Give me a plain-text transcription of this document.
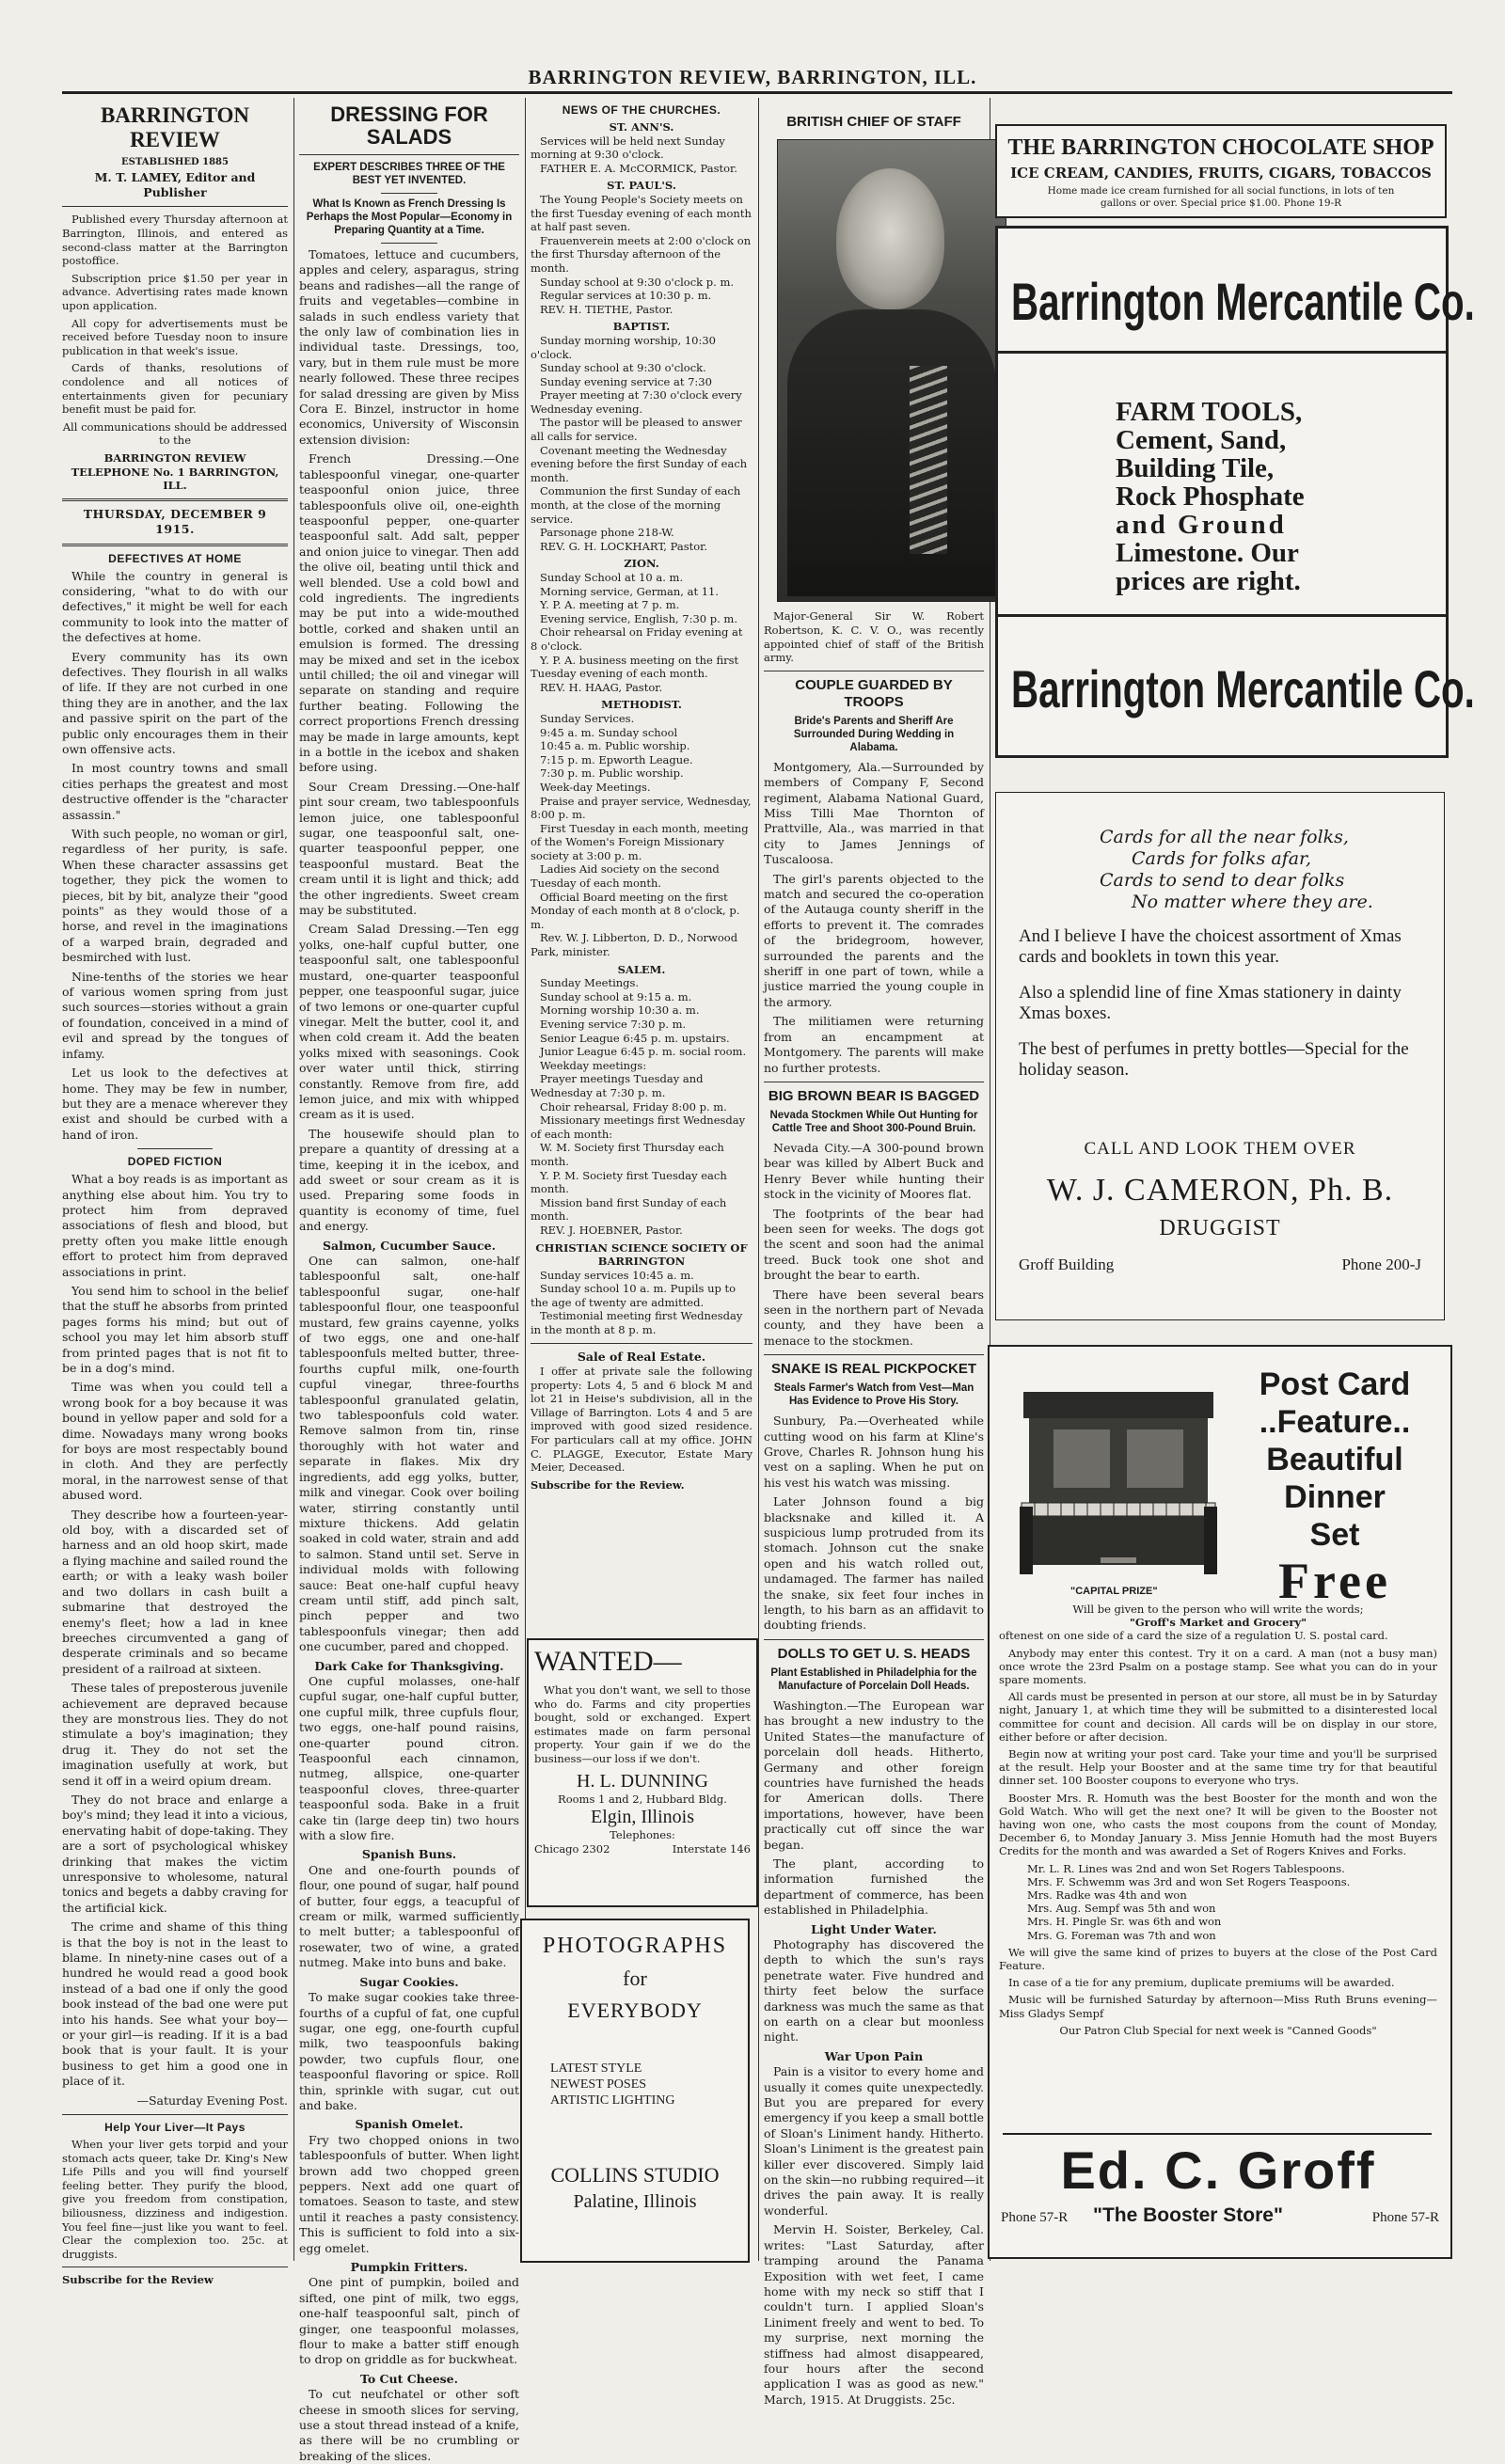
BARRINGTON REVIEW, BARRINGTON, ILL.
BARRINGTON REVIEW
ESTABLISHED 1885
M. T. LAMEY, Editor and Publisher

Published every Thursday afternoon at Barrington, Illinois, and entered as second-class matter at the Barrington postoffice.

Subscription price $1.50 per year in advance. Advertising rates made known upon application.

All copy for advertisements must be received before Tuesday noon to insure publication in that week's issue.

Cards of thanks, resolutions of condolence and all notices of entertainments given for pecuniary benefit must be paid for.

All communications should be addressed to the

BARRINGTON REVIEW
TELEPHONE No. 1 BARRINGTON, ILL.
THURSDAY, DECEMBER 9 1915.
DEFECTIVES AT HOME

While the country in general is considering, "what to do with our defectives," it might be well for each community to look into the matter of the defectives at home.

Every community has its own defectives. They flourish in all walks of life. If they are not curbed in one thing they are in another, and the lax and passive spirit on the part of the public only encourages them in their own offensive acts.

In most country towns and small cities perhaps the greatest and most destructive offender is the "character assassin."

With such people, no woman or girl, regardless of her purity, is safe. When these character assassins get together, they pick the women to pieces, bit by bit, analyze their "good points" as they would those of a horse, and revel in the imaginations of a warped brain, degraded and besmirched with lust.

Nine-tenths of the stories we hear of various women spring from just such sources—stories without a grain of foundation, conceived in a mind of evil and spread by the tongues of infamy.

Let us look to the defectives at home. They may be few in number, but they are a menace wherever they exist and should be curbed with a hand of iron.

DOPED FICTION

What a boy reads is as important as anything else about him. You try to protect him from depraved associations of flesh and blood, but pretty often you make little enough effort to protect him from depraved associations in print.

You send him to school in the belief that the stuff he absorbs from printed pages forms his mind; but out of school you may let him absorb stuff from printed pages that is not fit to be in a dog's mind.

Time was when you could tell a wrong book for a boy because it was bound in yellow paper and sold for a dime. Nowadays many wrong books for boys are most respectably bound in cloth. And they are perfectly moral, in the narrowest sense of that abused word.

They describe how a fourteen-year-old boy, with a discarded set of harness and an old hoop skirt, made a flying machine and sailed round the earth; or with a leaky wash boiler and two dollars in cash built a submarine that destroyed the enemy's fleet; how a lad in knee breeches circumvented a gang of desperate criminals and so became president of a railroad at sixteen.

These tales of preposterous juvenile achievement are depraved because they are monstrous lies. They do not stimulate a boy's imagination; they drug it. They do not set the imagination usefully at work, but send it off in a weird opium dream.

They do not brace and enlarge a boy's mind; they lead it into a vicious, enervating habit of dope-taking. They are a sort of psychological whiskey drinking that makes the victim unresponsive to wholesome, natural tonics and begets a dabby craving for the artificial kick.

The crime and shame of this thing is that the boy is not in the least to blame. In ninety-nine cases out of a hundred he would read a good book instead of a bad one if only the good book instead of the bad one were put into his hands. See what your boy—or your girl—is reading. If it is a bad book that is your fault. It is your business to get him a good one in place of it.

—Saturday Evening Post.

Help Your Liver—It Pays

When your liver gets torpid and your stomach acts queer, take Dr. King's New Life Pills and you will find yourself feeling better. They purify the blood, give you freedom from constipation, biliousness, dizziness and indigestion. You feel fine—just like you want to feel. Clear the complexion too. 25c. at druggists.

Subscribe for the Review
DRESSING FOR SALADS
EXPERT DESCRIBES THREE OF THE BEST YET INVENTED.
What Is Known as French Dressing Is Perhaps the Most Popular—Economy in Preparing Quantity at a Time.

Tomatoes, lettuce and cucumbers, apples and celery, asparagus, string beans and radishes—all the range of fruits and vegetables—combine in salads in such endless variety that the only law of combination lies in individual taste. Dressings, too, vary, but in them rule must be more nearly followed. These three recipes for salad dressing are given by Miss Cora E. Binzel, instructor in home economics, University of Wisconsin extension division:

French Dressing.—One tablespoonful vinegar, one-quarter teaspoonful onion juice, three tablespoonfuls olive oil, one-eighth teaspoonful pepper, one-quarter teaspoonful salt. Add salt, pepper and onion juice to vinegar. Then add the olive oil, beating until thick and well blended. Use a cold bowl and cold ingredients. The ingredients may be put into a wide-mouthed bottle, corked and shaken until an emulsion is formed. The dressing may be mixed and set in the icebox until chilled; the oil and vinegar will separate on standing and require further beating. Following the correct proportions French dressing may be made in large amounts, kept in a bottle in the icebox and shaken before using.

Sour Cream Dressing.—One-half pint sour cream, two tablespoonfuls lemon juice, one tablespoonful sugar, one teaspoonful salt, one-quarter teaspoonful pepper, one teaspoonful mustard. Beat the cream until it is light and thick; add the other ingredients. Sweet cream may be substituted.

Cream Salad Dressing.—Ten egg yolks, one-half cupful butter, one teaspoonful salt, one tablespoonful mustard, one-quarter teaspoonful pepper, one teaspoonful sugar, juice of two lemons or one-quarter cupful vinegar. Melt the butter, cool it, and when cold cream it. Add the beaten yolks mixed with seasonings. Cook over water until thick, stirring constantly. Remove from fire, add lemon juice, and mix with whipped cream as it is used.

The housewife should plan to prepare a quantity of dressing at a time, keeping it in the icebox, and add sweet or sour cream as it is used. Preparing some foods in quantity is economy of time, fuel and energy.

Salmon, Cucumber Sauce.

One can salmon, one-half tablespoonful salt, one-half tablespoonful sugar, one-half tablespoonful flour, one teaspoonful mustard, few grains cayenne, yolks of two eggs, one and one-half tablespoonfuls melted butter, three-fourths cupful milk, one-fourth cupful vinegar, three-fourths tablespoonful granulated gelatin, two tablespoonfuls cold water. Remove salmon from tin, rinse thoroughly with hot water and separate in flakes. Mix dry ingredients, add egg yolks, butter, milk and vinegar. Cook over boiling water, stirring constantly until mixture thickens. Add gelatin soaked in cold water, strain and add to salmon. Stand until set. Serve in individual molds with following sauce: Beat one-half cupful heavy cream until stiff, add pinch salt, pinch pepper and two tablespoonfuls vinegar; then add one cucumber, pared and chopped.

Dark Cake for Thanksgiving.

One cupful molasses, one-half cupful sugar, one-half cupful butter, one cupful milk, three cupfuls flour, two eggs, one-half pound raisins, one-quarter pound citron. Teaspoonful each cinnamon, nutmeg, allspice, one-quarter teaspoonful cloves, three-quarter teaspoonful soda. Bake in a fruit cake tin (large deep tin) two hours with a slow fire.

Spanish Buns.

One and one-fourth pounds of flour, one pound of sugar, half pound of butter, four eggs, a teacupful of cream or milk, warmed sufficiently to melt butter; a tablespoonful of rosewater, two of wine, a grated nutmeg. Make into buns and bake.

Sugar Cookies.

To make sugar cookies take three-fourths of a cupful of fat, one cupful sugar, one egg, one-fourth cupful milk, two teaspoonfuls baking powder, two cupfuls flour, one teaspoonful flavoring or spice. Roll thin, sprinkle with sugar, cut out and bake.

Spanish Omelet.

Fry two chopped onions in two tablespoonfuls of butter. When light brown add two chopped green peppers. Next add one quart of tomatoes. Season to taste, and stew until it reaches a pasty consistency. This is sufficient to fold into a six-egg omelet.

Pumpkin Fritters.

One pint of pumpkin, boiled and sifted, one pint of milk, two eggs, one-half teaspoonful salt, pinch of ginger, one teaspoonful molasses, flour to make a batter stiff enough to drop on griddle as for buckwheat.

To Cut Cheese.

To cut neufchatel or other soft cheese in smooth slices for serving, use a stout thread instead of a knife, as there will be no crumbling or breaking of the slices.

NEWS OF THE CHURCHES.
ST. ANN'S.
Services will be held next Sunday morning at 9:30 o'clock.
FATHER E. A. McCORMICK, Pastor.
ST. PAUL'S.
The Young People's Society meets on the first Tuesday evening of each month at half past seven.
Frauenverein meets at 2:00 o'clock on the first Thursday afternoon of the month.
Sunday school at 9:30 o'clock p. m.
Regular services at 10:30 p. m.
REV. H. TIETHE, Pastor.
BAPTIST.
Sunday morning worship, 10:30 o'clock.
Sunday school at 9:30 o'clock.
Sunday evening service at 7:30
Prayer meeting at 7:30 o'clock every Wednesday evening.
The pastor will be pleased to answer all calls for service.
Covenant meeting the Wednesday evening before the first Sunday of each month.
Communion the first Sunday of each month, at the close of the morning service.
Parsonage phone 218-W.
REV. G. H. LOCKHART, Pastor.
ZION.
Sunday School at 10 a. m.
Morning service, German, at 11.
Y. P. A. meeting at 7 p. m.
Evening service, English, 7:30 p. m.
Choir rehearsal on Friday evening at 8 o'clock.
Y. P. A. business meeting on the first Tuesday evening of each month.
REV. H. HAAG, Pastor.
METHODIST.
Sunday Services.
9:45 a. m. Sunday school
10:45 a. m. Public worship.
7:15 p. m. Epworth League.
7:30 p. m. Public worship.
Week-day Meetings.
Praise and prayer service, Wednesday, 8:00 p. m.
First Tuesday in each month, meeting of the Women's Foreign Missionary society at 3:00 p. m.
Ladies Aid society on the second Tuesday of each month.
Official Board meeting on the first Monday of each month at 8 o'clock, p. m.
Rev. W. J. Libberton, D. D., Norwood Park, minister.
SALEM.
Sunday Meetings.
Sunday school at 9:15 a. m.
Morning worship 10:30 a. m.
Evening service 7:30 p. m.
Senior League 6:45 p. m. upstairs.
Junior League 6:45 p. m. social room.
Weekday meetings:
Prayer meetings Tuesday and Wednesday at 7:30 p. m.
Choir rehearsal, Friday 8:00 p. m.
Missionary meetings first Wednesday of each month:
W. M. Society first Thursday each month.
Y. P. M. Society first Tuesday each month.
Mission band first Sunday of each month.
REV. J. HOEBNER, Pastor.
CHRISTIAN SCIENCE SOCIETY OF BARRINGTON
Sunday services 10:45 a. m.
Sunday school 10 a. m. Pupils up to the age of twenty are admitted.
Testimonial meeting first Wednesday in the month at 8 p. m.
Sale of Real Estate.

I offer at private sale the following property: Lots 4, 5 and 6 block M and lot 21 in Heise's subdivision, all in the Village of Barrington. Lots 4 and 5 are improved with good sized residence. For particulars call at my office. JOHN C. PLAGGE, Executor, Estate Mary Meier, Deceased.

Subscribe for the Review.
WANTED—

What you don't want, we sell to those who do. Farms and city properties bought, sold or exchanged. Expert estimates made on farm personal property. Your gain if we do the business—our loss if we don't.

H. L. DUNNING
Rooms 1 and 2, Hubbard Bldg.
Elgin, Illinois
Telephones:
Chicago 2302	Interstate 146
PHOTOGRAPHS
for
EVERYBODY
LATEST STYLE
NEWEST POSES
ARTISTIC LIGHTING
COLLINS STUDIO
Palatine, Illinois
BRITISH CHIEF OF STAFF

Major-General Sir W. Robert Robertson, K. C. V. O., was recently appointed chief of staff of the British army.

COUPLE GUARDED BY TROOPS
Bride's Parents and Sheriff Are Surrounded During Wedding in Alabama.

Montgomery, Ala.—Surrounded by members of Company F, Second regiment, Alabama National Guard, Miss Tilli Mae Thornton of Prattville, Ala., was married in that city to James Jennings of Tuscaloosa.

The girl's parents objected to the match and secured the co-operation of the Autauga county sheriff in the efforts to prevent it. The comrades of the bridegroom, however, surrounded the parents and the sheriff in one part of town, while a justice married the young couple in the armory.

The militiamen were returning from an encampment at Montgomery. The parents will make no further protests.

BIG BROWN BEAR IS BAGGED
Nevada Stockmen While Out Hunting for Cattle Tree and Shoot 300-Pound Bruin.

Nevada City.—A 300-pound brown bear was killed by Albert Buck and Henry Bever while hunting their stock in the vicinity of Moores flat.

The footprints of the bear had been seen for weeks. The dogs got the scent and soon had the animal treed. Buck took one shot and brought the bear to earth.

There have been several bears seen in the northern part of Nevada county, and they have been a menace to the stockmen.

SNAKE IS REAL PICKPOCKET
Steals Farmer's Watch from Vest—Man Has Evidence to Prove His Story.

Sunbury, Pa.—Overheated while cutting wood on his farm at Kline's Grove, Charles R. Johnson hung his vest on a sapling. When he put on his vest his watch was missing.

Later Johnson found a big blacksnake and killed it. A suspicious lump protruded from its stomach. Johnson cut the snake open and his watch rolled out, undamaged. The farmer has nailed the snake, six feet four inches in length, to his barn as an affidavit to doubting friends.

DOLLS TO GET U. S. HEADS
Plant Established in Philadelphia for the Manufacture of Porcelain Doll Heads.

Washington.—The European war has brought a new industry to the United States—the manufacture of porcelain doll heads. Hitherto, Germany and other foreign countries have furnished the heads for American dolls. There importations, however, have been practically cut off since the war began.

The plant, according to information furnished the department of commerce, has been established in Philadelphia.

Light Under Water.

Photography has discovered the depth to which the sun's rays penetrate water. Five hundred and thirty feet below the surface darkness was much the same as that on earth on a clear but moonless night.

War Upon Pain

Pain is a visitor to every home and usually it comes quite unexpectedly. But you are prepared for every emergency if you keep a small bottle of Sloan's Liniment handy. Hitherto. Sloan's Liniment is the greatest pain killer ever discovered. Simply laid on the skin—no rubbing required—it drives the pain away. It is really wonderful.

Mervin H. Soister, Berkeley, Cal. writes: "Last Saturday, after tramping around the Panama Exposition with wet feet, I came home with my neck so stiff that I couldn't turn. I applied Sloan's Liniment freely and went to bed. To my surprise, next morning the stiffness had almost disappeared, four hours after the second application I was as good as new." March, 1915. At Druggists. 25c.

THE BARRINGTON CHOCOLATE SHOP
ICE CREAM, CANDIES, FRUITS, CIGARS, TOBACCOS
Home made ice cream furnished for all social functions, in lots of ten gallons or over. Special price $1.00. Phone 19-R
Barrington Mercantile Co.
FARM TOOLS,
Cement, Sand,
Building Tile,
Rock Phosphate
and Ground
Limestone. Our
prices are right.
Barrington Mercantile Co.
Cards for all the near folks,
Cards for folks afar,
Cards to send to dear folks
No matter where they are.
And I believe I have the choicest assortment of Xmas cards and booklets in town this year.
Also a splendid line of fine Xmas stationery in dainty Xmas boxes.
The best of perfumes in pretty bottles—Special for the holiday season.
CALL AND LOOK THEM OVER
W. J. CAMERON, Ph. B.
DRUGGIST
Groff Building	Phone 200-J
Post Card
..Feature..
Beautiful
Dinner
Set
Free
"CAPITAL PRIZE"
Will be given to the person who will write the words;
"Groff's Market and Grocery"

oftenest on one side of a card the size of a regulation U. S. postal card.

Anybody may enter this contest. Try it on a card. A man (not a busy man) once wrote the 23rd Psalm on a postage stamp. See what you can do in your spare moments.

All cards must be presented in person at our store, all must be in by Saturday night, January 1, at which time they will be submitted to a disinterested local committee for count and decision. All cards will be on display in our store, either before or after decision.

Begin now at writing your post card. Take your time and you'll be surprised at the result. Help your Booster and at the same time try for that beautiful dinner set. 100 Booster coupons to everyone who trys.

Booster Mrs. R. Homuth was the best Booster for the month and won the Gold Watch. Who will get the next one? It will be given to the Booster not having won one, who casts the most coupons from the count of Monday, December 6, to Monday January 3. Miss Jennie Homuth had the most Buyers Credits for the month and was awarded a Set of Rogers Knives and Forks.

Mr. L. R. Lines was 2nd and won Set Rogers Tablespoons.
Mrs. F. Schwemm was 3rd and won Set Rogers Teaspoons.
Mrs. Radke was 4th and won
Mrs. Aug. Sempf was 5th and won
Mrs. H. Pingle Sr. was 6th and won
Mrs. G. Foreman was 7th and won

We will give the same kind of prizes to buyers at the close of the Post Card Feature.

In case of a tie for any premium, duplicate premiums will be awarded.

Music will be furnished Saturday by afternoon—Miss Ruth Bruns evening—Miss Gladys Sempf

Our Patron Club Special for next week is "Canned Goods"

Ed. C. Groff
Phone 57-R "The Booster Store"	Phone 57-R
